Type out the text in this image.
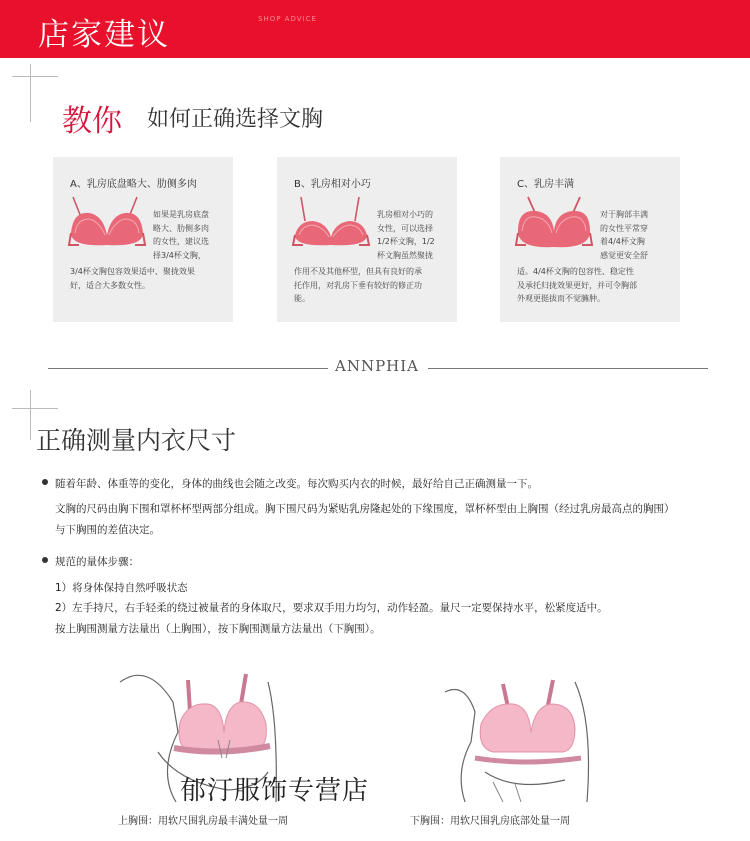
店家建议	SHOP ADVICE
教你 如何正确选择文胸
A、乳房底盘略大、肋侧多肉
如果是乳房底盘
略大、肋侧多肉
的女性，建议选
择3/4杯文胸，
3/4杯文胸包容效果适中、聚拢效果
好，适合大多数女性。
B、乳房相对小巧
乳房相对小巧的
女性，可以选择
1/2杯文胸，1/2
杯文胸虽然聚拢
作用不及其他杯型，但具有良好的承
托作用，对乳房下垂有较好的修正功
能。
C、乳房丰满
对于胸部丰满
的女性平常穿
着4/4杯文胸
感觉更安全舒
适。4/4杯文胸的包容性、稳定性
及承托归拢效果更好，并可令胸部
外观更挺拔而不觉臃肿。
ANNPHIA
正确测量内衣尺寸
随着年龄、体重等的变化，身体的曲线也会随之改变。每次购买内衣的时候，最好给自己正确测量一下。
文胸的尺码由胸下围和罩杯杯型两部分组成。胸下围尺码为紧贴乳房隆起处的下缘围度，罩杯杯型由上胸围（经过乳房最高点的胸围）
与下胸围的差值决定。
规范的量体步骤：
1）将身体保持自然呼吸状态
2）左手持尺，右手轻柔的绕过被量者的身体取尺，要求双手用力均匀，动作轻盈。量尺一定要保持水平，松紧度适中。
按上胸围测量方法量出（上胸围），按下胸围测量方法量出（下胸围）。
郁汀服饰专营店
上胸围：用软尺围乳房最丰满处量一周	下胸围：用软尺围乳房底部处量一周
